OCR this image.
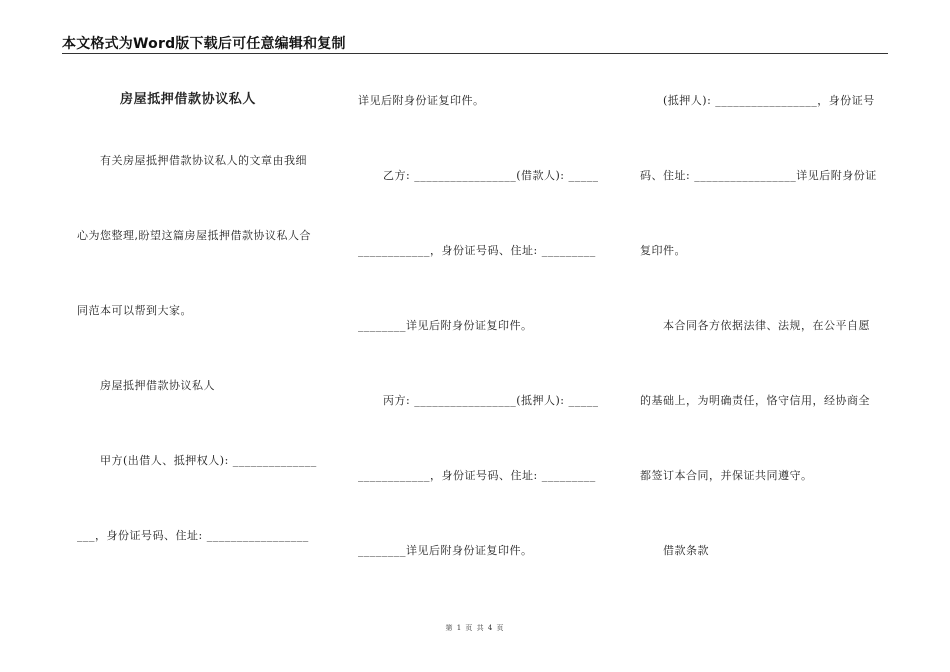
本文格式为Word版下载后可任意编辑和复制
房屋抵押借款协议私人
有关房屋抵押借款协议私人的文章由我细
心为您整理,盼望这篇房屋抵押借款协议私人合
同范本可以帮到大家。
房屋抵押借款协议私人
甲方(出借人、抵押权人): ______________
___，身份证号码、住址: _________________
详见后附身份证复印件。
乙方: _________________(借款人): _____
____________，身份证号码、住址: _________
________详见后附身份证复印件。
丙方: _________________(抵押人): _____
____________，身份证号码、住址: _________
________详见后附身份证复印件。
(抵押人): _________________，身份证号
码、住址: _________________详见后附身份证
复印件。
本合同各方依据法律、法规，在公平自愿
的基础上，为明确责任，恪守信用，经协商全
都签订本合同，并保证共同遵守。
借款条款
第 1 页 共 4 页
